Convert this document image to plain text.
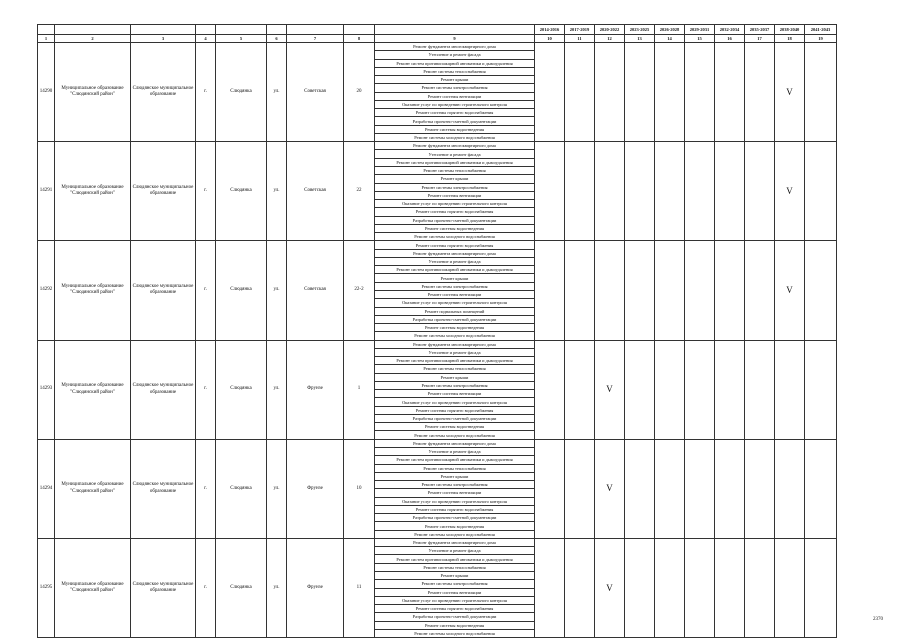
									2014-2016	2017-2019	2020-2022	2023-2025	2026-2028	2029-2031	2032-2034	2035-2037	2038-2040	2041-2043
1	2	3	4	5	6	7	8	9	10	11	12	13	14	15	16	17	18	19
14290	Муниципальное образование "Слюдянский район"	Слюдянское муниципальное образование	г.	Слюдянка	ул.	Советская	20	Ремонт фундамента многоквартирного дома									V	
								Утепление и ремонт фасада										
								Ремонт систем противопожарной автоматики и дымоудаления										
								Ремонт системы теплоснабжения										
								Ремонт крыши										
								Ремонт системы электроснабжения										
								Ремонт системы вентиляции										
								Оказание услуг по проведению строительного контроля										
								Ремонт системы горячего водоснабжения										
								Разработка проектно-сметной документации										
								Ремонт системы водоотведения										
								Ремонт системы холодного водоснабжения										
14291	Муниципальное образование "Слюдянский район"	Слюдянское муниципальное образование	г.	Слюдянка	ул.	Советская	22	Ремонт фундамента многоквартирного дома									V	
								Утепление и ремонт фасада										
								Ремонт систем противопожарной автоматики и дымоудаления										
								Ремонт системы теплоснабжения										
								Ремонт крыши										
								Ремонт системы электроснабжения										
								Ремонт системы вентиляции										
								Оказание услуг по проведению строительного контроля										
								Ремонт системы горячего водоснабжения										
								Разработка проектно-сметной документации										
								Ремонт системы водоотведения										
								Ремонт системы холодного водоснабжения										
14292	Муниципальное образование "Слюдянский район"	Слюдянское муниципальное образование	г.	Слюдянка	ул.	Советская	22-2	Ремонт системы горячего водоснабжения									V	
								Ремонт фундамента многоквартирного дома										
								Утепление и ремонт фасада										
								Ремонт систем противопожарной автоматики и дымоудаления										
								Ремонт крыши										
								Ремонт системы электроснабжения										
								Ремонт системы вентиляции										
								Оказание услуг по проведению строительного контроля										
								Ремонт подвальных помещений										
								Разработка проектно-сметной документации										
								Ремонт системы водоотведения										
								Ремонт системы холодного водоснабжения										
14293	Муниципальное образование "Слюдянский район"	Слюдянское муниципальное образование	г.	Слюдянка	ул.	Фрунзе	1	Ремонт фундамента многоквартирного дома			V							
								Утепление и ремонт фасада										
								Ремонт систем противопожарной автоматики и дымоудаления										
								Ремонт системы теплоснабжения										
								Ремонт крыши										
								Ремонт системы электроснабжения										
								Ремонт системы вентиляции										
								Оказание услуг по проведению строительного контроля										
								Ремонт системы горячего водоснабжения										
								Разработка проектно-сметной документации										
								Ремонт системы водоотведения										
								Ремонт системы холодного водоснабжения										
14294	Муниципальное образование "Слюдянский район"	Слюдянское муниципальное образование	г.	Слюдянка	ул.	Фрунзе	10	Ремонт фундамента многоквартирного дома			V							
								Утепление и ремонт фасада										
								Ремонт систем противопожарной автоматики и дымоудаления										
								Ремонт системы теплоснабжения										
								Ремонт крыши										
								Ремонт системы электроснабжения										
								Ремонт системы вентиляции										
								Оказание услуг по проведению строительного контроля										
								Ремонт системы горячего водоснабжения										
								Разработка проектно-сметной документации										
								Ремонт системы водоотведения										
								Ремонт системы холодного водоснабжения										
14295	Муниципальное образование "Слюдянский район"	Слюдянское муниципальное образование	г.	Слюдянка	ул.	Фрунзе	11	Ремонт фундамента многоквартирного дома			V							
								Утепление и ремонт фасада										
								Ремонт систем противопожарной автоматики и дымоудаления										
								Ремонт системы теплоснабжения										
								Ремонт крыши										
								Ремонт системы электроснабжения										
								Ремонт системы вентиляции										
								Оказание услуг по проведению строительного контроля										
								Ремонт системы горячего водоснабжения										
								Разработка проектно-сметной документации										
								Ремонт системы водоотведения										
								Ремонт системы холодного водоснабжения										
2370
